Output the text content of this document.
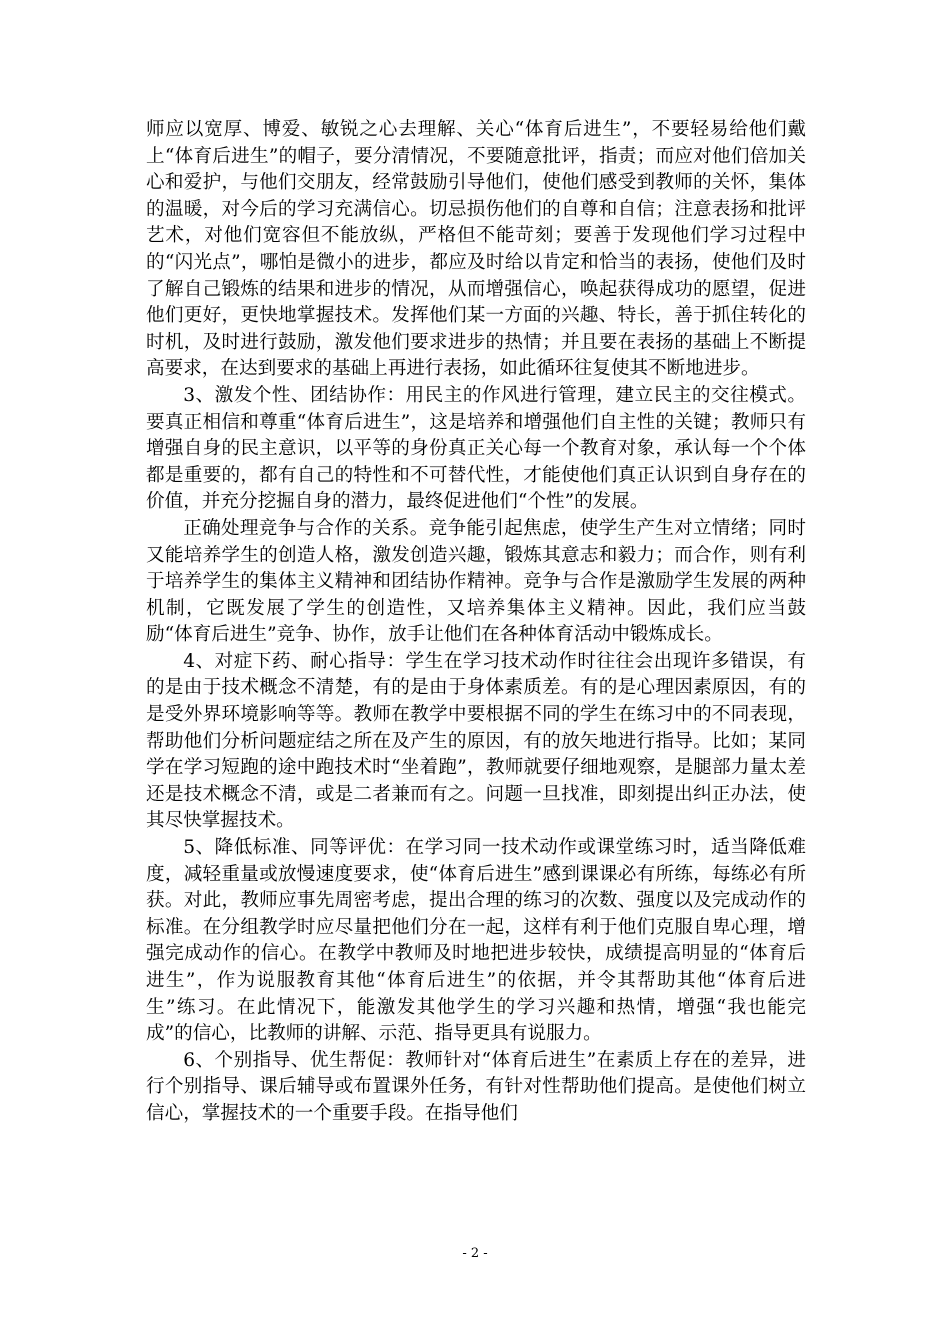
师应以宽厚、博爱、敏锐之心去理解、关心“体育后进生”，不要轻易给他们戴上“体育后进生”的帽子，要分清情况，不要随意批评，指责；而应对他们倍加关心和爱护，与他们交朋友，经常鼓励引导他们，使他们感受到教师的关怀，集体的温暖，对今后的学习充满信心。切忌损伤他们的自尊和自信；注意表扬和批评艺术，对他们宽容但不能放纵，严格但不能苛刻；要善于发现他们学习过程中的“闪光点”，哪怕是微小的进步，都应及时给以肯定和恰当的表扬，使他们及时了解自己锻炼的结果和进步的情况，从而增强信心，唤起获得成功的愿望，促进他们更好，更快地掌握技术。发挥他们某一方面的兴趣、特长，善于抓住转化的时机，及时进行鼓励，激发他们要求进步的热情；并且要在表扬的基础上不断提高要求，在达到要求的基础上再进行表扬，如此循环往复使其不断地进步。

3、激发个性、团结协作：用民主的作风进行管理，建立民主的交往模式。要真正相信和尊重“体育后进生”，这是培养和增强他们自主性的关键；教师只有增强自身的民主意识，以平等的身份真正关心每一个教育对象，承认每一个个体都是重要的，都有自己的特性和不可替代性，才能使他们真正认识到自身存在的价值，并充分挖掘自身的潜力，最终促进他们“个性”的发展。

正确处理竞争与合作的关系。竞争能引起焦虑，使学生产生对立情绪；同时又能培养学生的创造人格，激发创造兴趣，锻炼其意志和毅力；而合作，则有利于培养学生的集体主义精神和团结协作精神。竞争与合作是激励学生发展的两种机制，它既发展了学生的创造性，又培养集体主义精神。因此，我们应当鼓励“体育后进生”竞争、协作，放手让他们在各种体育活动中锻炼成长。

4、对症下药、耐心指导：学生在学习技术动作时往往会出现许多错误，有的是由于技术概念不清楚，有的是由于身体素质差。有的是心理因素原因，有的是受外界环境影响等等。教师在教学中要根据不同的学生在练习中的不同表现，帮助他们分析问题症结之所在及产生的原因，有的放矢地进行指导。比如；某同学在学习短跑的途中跑技术时“坐着跑”，教师就要仔细地观察，是腿部力量太差还是技术概念不清，或是二者兼而有之。问题一旦找准，即刻提出纠正办法，使其尽快掌握技术。

5、降低标准、同等评优：在学习同一技术动作或课堂练习时，适当降低难度，减轻重量或放慢速度要求，使“体育后进生”感到课课必有所练，每练必有所获。对此，教师应事先周密考虑，提出合理的练习的次数、强度以及完成动作的标准。在分组教学时应尽量把他们分在一起，这样有利于他们克服自卑心理，增强完成动作的信心。在教学中教师及时地把进步较快，成绩提高明显的“体育后进生”，作为说服教育其他“体育后进生”的依据，并令其帮助其他“体育后进生”练习。在此情况下，能激发其他学生的学习兴趣和热情，增强“我也能完成”的信心，比教师的讲解、示范、指导更具有说服力。

6、个别指导、优生帮促：教师针对“体育后进生”在素质上存在的差异，进行个别指导、课后辅导或布置课外任务，有针对性帮助他们提高。是使他们树立信心，掌握技术的一个重要手段。在指导他们

- 2 -
